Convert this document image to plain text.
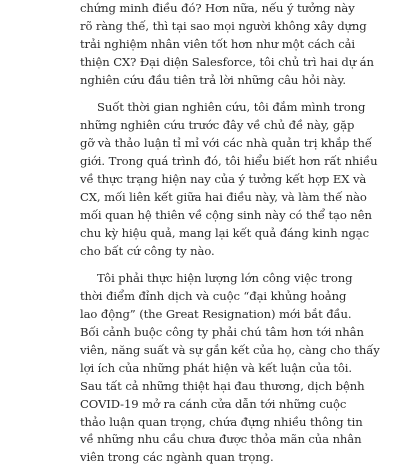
chứng minh điều đó? Hơn nữa, nếu ý tưởng này
rõ ràng thế, thì tại sao mọi người không xây dựng
trải nghiệm nhân viên tốt hơn như một cách cải
thiện CX? Đại diện Salesforce, tôi chủ trì hai dự án
nghiên cứu đầu tiên trả lời những câu hỏi này.
Suốt thời gian nghiên cứu, tôi đắm mình trong
những nghiên cứu trước đây về chủ đề này, gặp
gỡ và thảo luận tỉ mỉ với các nhà quản trị khắp thế
giới. Trong quá trình đó, tôi hiểu biết hơn rất nhiều
về thực trạng hiện nay của ý tưởng kết hợp EX và
CX, mối liên kết giữa hai điều này, và làm thế nào
mối quan hệ thiên về cộng sinh này có thể tạo nên
chu kỳ hiệu quả, mang lại kết quả đáng kinh ngạc
cho bất cứ công ty nào.
Tôi phải thực hiện lượng lớn công việc trong
thời điểm đỉnh dịch và cuộc “đại khủng hoảng
lao động” (the Great Resignation) mới bắt đầu.
Bối cảnh buộc công ty phải chú tâm hơn tới nhân
viên, năng suất và sự gắn kết của họ, càng cho thấy
lợi ích của những phát hiện và kết luận của tôi.
Sau tất cả những thiệt hại đau thương, dịch bệnh
COVID-19 mở ra cánh cửa dẫn tới những cuộc
thảo luận quan trọng, chứa đựng nhiều thông tin
về những nhu cầu chưa được thỏa mãn của nhân
viên trong các ngành quan trọng.
